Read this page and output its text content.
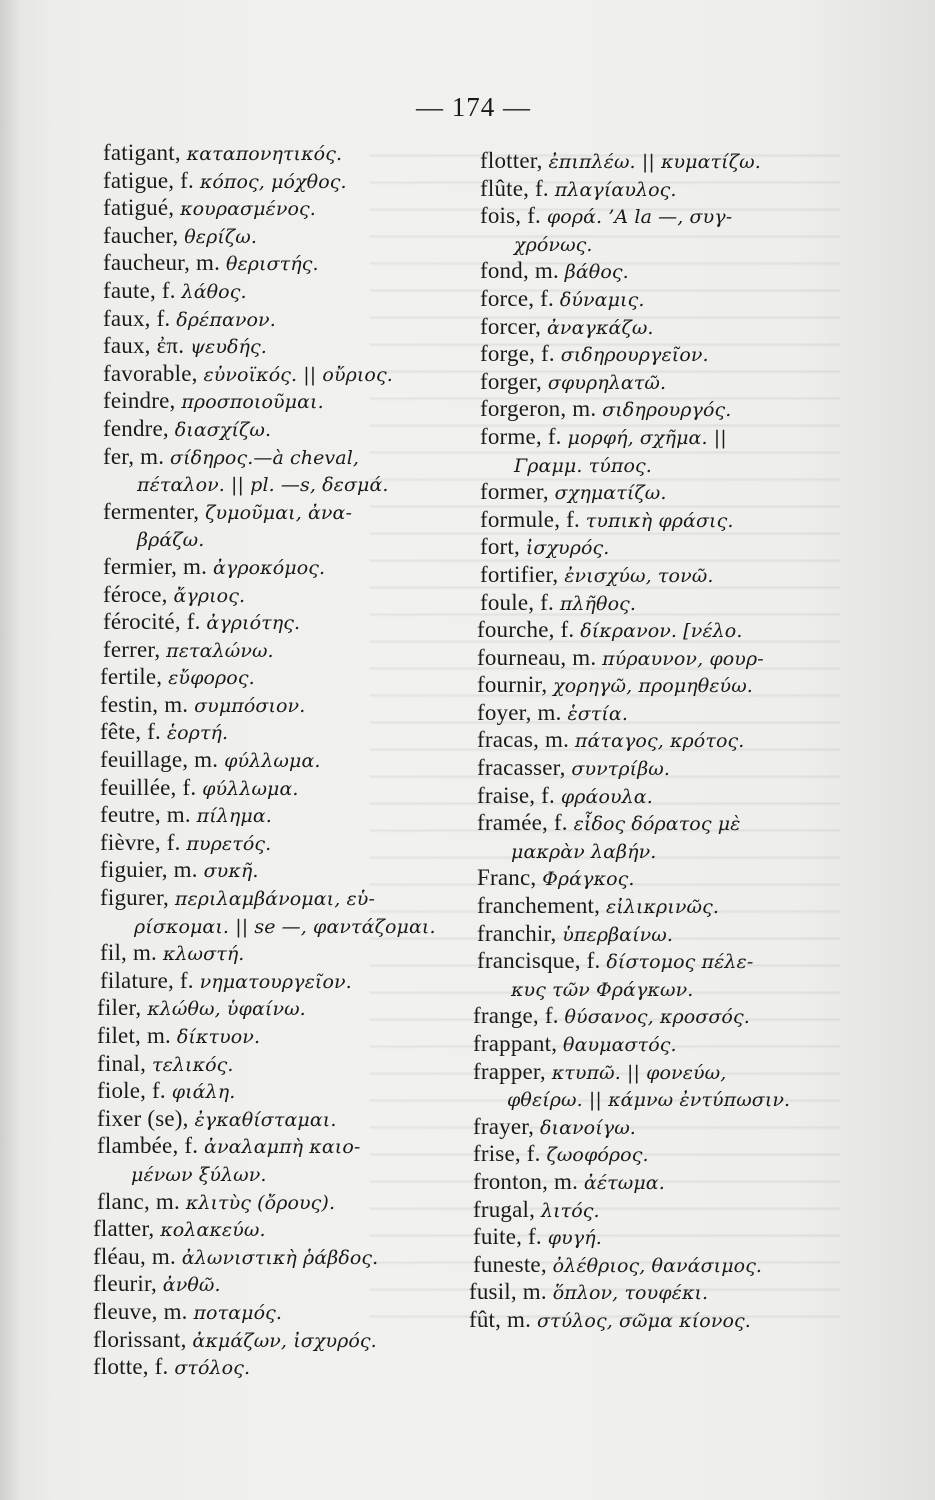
— 174 —
fatigant, καταπονητικός.
fatigue, f. κόπος, μόχθος.
fatigué, κουρασμένος.
faucher, θερίζω.
faucheur, m. θεριστής.
faute, f. λάθος.
faux, f. δρέπανον.
faux, ἐπ. ψευδής.
favorable, εὐνοϊκός. || οὔριος.
feindre, προσποιοῦμαι.
fendre, διασχίζω.
fer, m. σίδηρος.—à cheval,
πέταλον. || pl. —s, δεσμά.
fermenter, ζυμοῦμαι, ἀνα-
βράζω.
fermier, m. ἀγροκόμος.
féroce, ἄγριος.
férocité, f. ἀγριότης.
ferrer, πεταλώνω.
fertile, εὔφορος.
festin, m. συμπόσιον.
fête, f. ἑορτή.
feuillage, m. φύλλωμα.
feuillée, f. φύλλωμα.
feutre, m. πίλημα.
fièvre, f. πυρετός.
figuier, m. συκῆ.
figurer, περιλαμβάνομαι, εὑ-
ρίσκομαι. || se —, φαντάζομαι.
fil, m. κλωστή.
filature, f. νηματουργεῖον.
filer, κλώθω, ὑφαίνω.
filet, m. δίκτυον.
final, τελικός.
fiole, f. φιάλη.
fixer (se), ἐγκαθίσταμαι.
flambée, f. ἀναλαμπὴ καιο-
μένων ξύλων.
flanc, m. κλιτὺς (ὄρους).
flatter, κολακεύω.
fléau, m. ἀλωνιστικὴ ῥάβδος.
fleurir, ἀνθῶ.
fleuve, m. ποταμός.
florissant, ἀκμάζων, ἰσχυρός.
flotte, f. στόλος.
flotter, ἐπιπλέω. || κυματίζω.
flûte, f. πλαγίαυλος.
fois, f. φορά. ’A la —, συγ-
χρόνως.
fond, m. βάθος.
force, f. δύναμις.
forcer, ἀναγκάζω.
forge, f. σιδηρουργεῖον.
forger, σφυρηλατῶ.
forgeron, m. σιδηρουργός.
forme, f. μορφή, σχῆμα. ||
Γραμμ. τύπος.
former, σχηματίζω.
formule, f. τυπικὴ φράσις.
fort, ἰσχυρός.
fortifier, ἐνισχύω, τονῶ.
foule, f. πλῆθος.
fourche, f. δίκρανον. [νέλο.
fourneau, m. πύραυνον, φουρ-
fournir, χορηγῶ, προμηθεύω.
foyer, m. ἑστία.
fracas, m. πάταγος, κρότος.
fracasser, συντρίβω.
fraise, f. φράουλα.
framée, f. εἶδος δόρατος μὲ
μακρὰν λαβήν.
Franc, Φράγκος.
franchement, εἰλικρινῶς.
franchir, ὑπερβαίνω.
francisque, f. δίστομος πέλε-
κυς τῶν Φράγκων.
frange, f. θύσανος, κροσσός.
frappant, θαυμαστός.
frapper, κτυπῶ. || φονεύω,
φθείρω. || κάμνω ἐντύπωσιν.
frayer, διανοίγω.
frise, f. ζωοφόρος.
fronton, m. ἀέτωμα.
frugal, λιτός.
fuite, f. φυγή.
funeste, ὀλέθριος, θανάσιμος.
fusil, m. ὅπλον, τουφέκι.
fût, m. στύλος, σῶμα κίονος.
